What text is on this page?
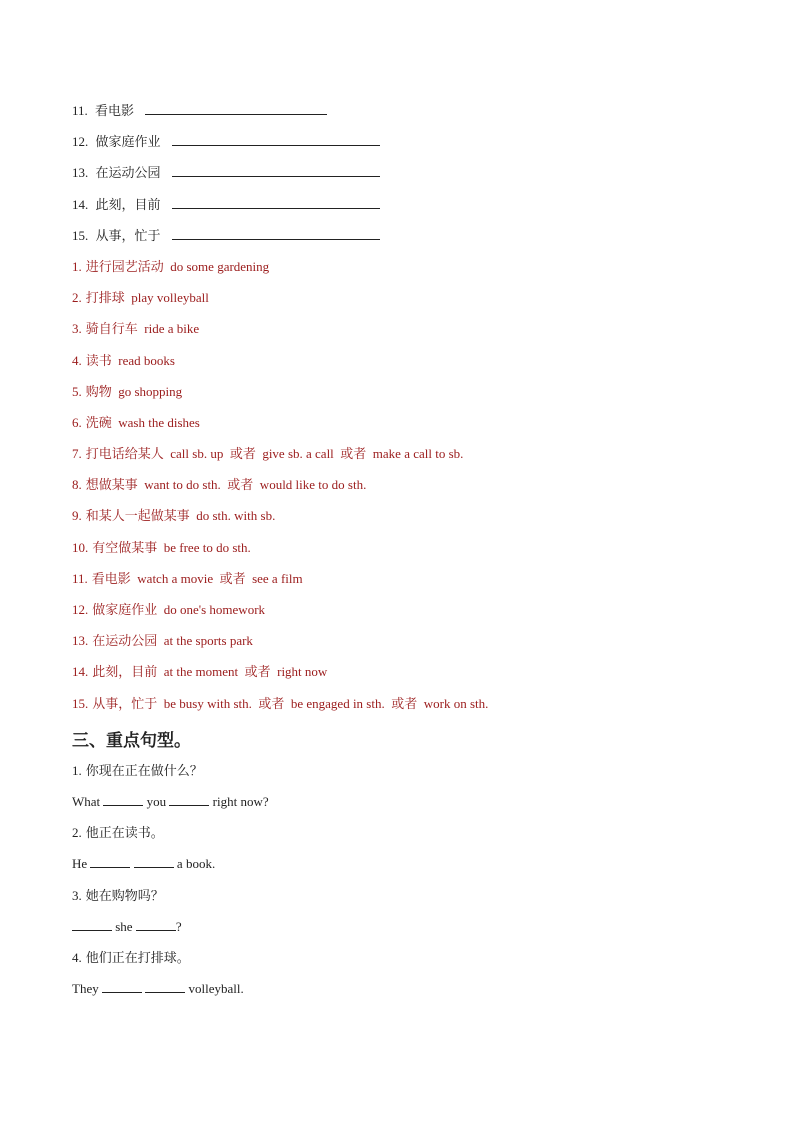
11. 看电影
12. 做家庭作业
13. 在运动公园
14. 此刻，目前
15. 从事，忙于
1. 进行园艺活动  do some gardening
2. 打排球  play volleyball
3. 骑自行车  ride a bike
4. 读书  read books
5. 购物  go shopping
6. 洗碗  wash the dishes
7. 打电话给某人  call sb. up  或者  give sb. a call  或者  make a call to sb.
8. 想做某事  want to do sth.  或者  would like to do sth.
9. 和某人一起做某事  do sth. with sb.
10. 有空做某事  be free to do sth.
11. 看电影  watch a movie  或者  see a film
12. 做家庭作业  do one's homework
13. 在运动公园  at the sports park
14. 此刻，目前  at the moment  或者  right now
15. 从事，忙于  be busy with sth.  或者  be engaged in sth.  或者  work on sth.
三、重点句型。
1. 你现在正在做什么？
What	you	right now?
2. 他正在读书。
He	a book.
3. 她在购物吗？
she	?
4. 他们正在打排球。
They	volleyball.
